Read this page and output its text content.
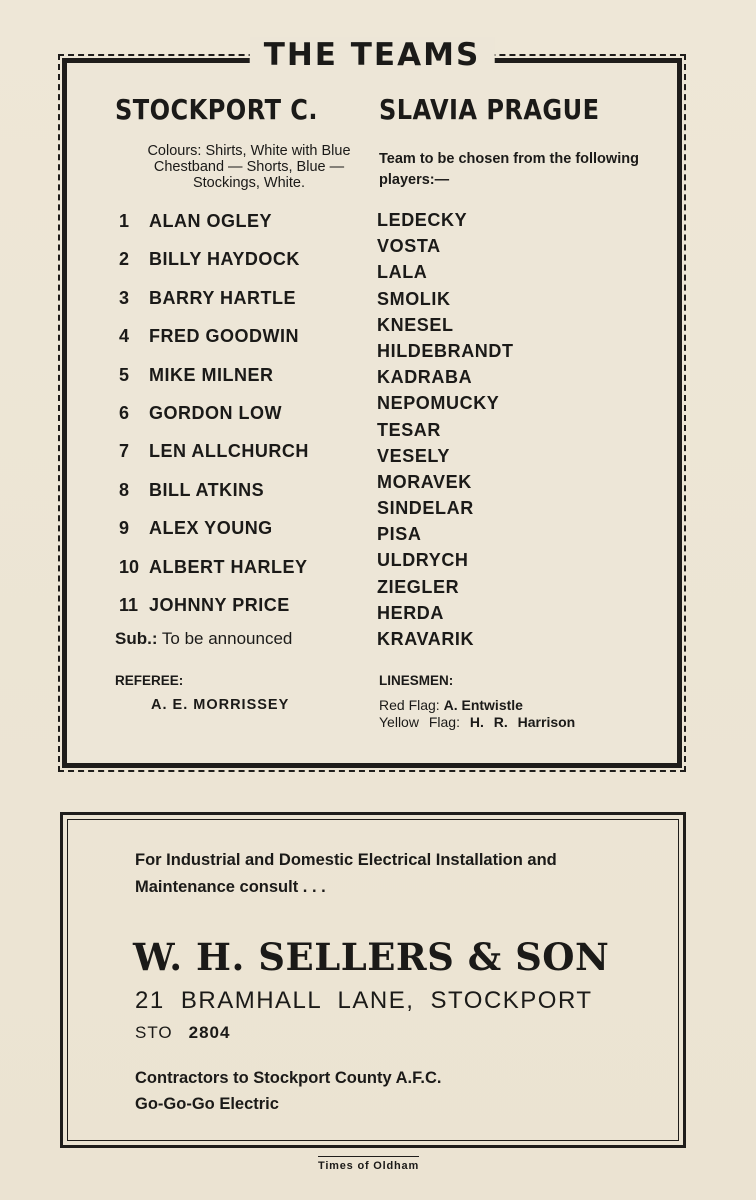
THE TEAMS
STOCKPORT C. SLAVIA PRAGUE
Colours: Shirts, White with Blue Chestband — Shorts, Blue — Stockings, White.
Team to be chosen from the following players:—
1 ALAN OGLEY
2 BILLY HAYDOCK
3 BARRY HARTLE
4 FRED GOODWIN
5 MIKE MILNER
6 GORDON LOW
7 LEN ALLCHURCH
8 BILL ATKINS
9 ALEX YOUNG
10 ALBERT HARLEY
11 JOHNNY PRICE
LEDECKY
VOSTA
LALA
SMOLIK
KNESEL
HILDEBRANDT
KADRABA
NEPOMUCKY
TESAR
VESELY
MORAVEK
SINDELAR
PISA
ULDRYCH
ZIEGLER
HERDA
KRAVARIK
Sub.: To be announced
REFEREE:
A. E. MORRISSEY
LINESMEN:
Red Flag: A. Entwistle
Yellow Flag: H. R. Harrison
For Industrial and Domestic Electrical Installation and Maintenance consult . . .
W. H. SELLERS & SON
21 BRAMHALL LANE, STOCKPORT
STO 2804
Contractors to Stockport County A.F.C.
Go-Go-Go Electric
Times of Oldham
